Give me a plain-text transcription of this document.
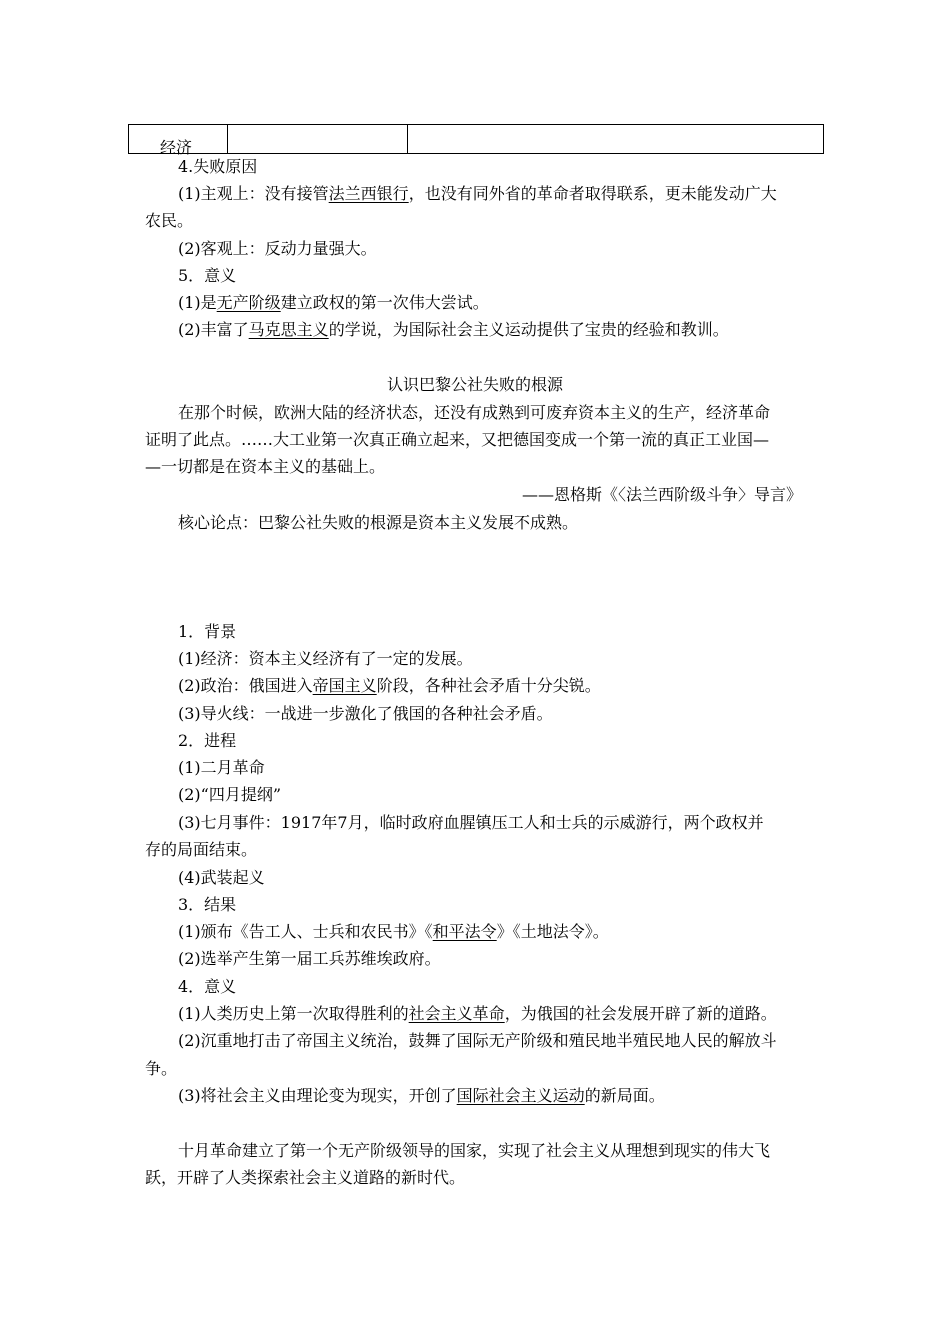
经济
4.失败原因
(1)主观上：没有接管法兰西银行，也没有同外省的革命者取得联系，更未能发动广大
农民。
(2)客观上：反动力量强大。
5．意义
(1)是无产阶级建立政权的第一次伟大尝试。
(2)丰富了马克思主义的学说，为国际社会主义运动提供了宝贵的经验和教训。
认识巴黎公社失败的根源
在那个时候，欧洲大陆的经济状态，还没有成熟到可废弃资本主义的生产，经济革命
证明了此点。……大工业第一次真正确立起来，又把德国变成一个第一流的真正工业国—
—一切都是在资本主义的基础上。
——恩格斯《〈法兰西阶级斗争〉导言》
核心论点：巴黎公社失败的根源是资本主义发展不成熟。
1．背景
(1)经济：资本主义经济有了一定的发展。
(2)政治：俄国进入帝国主义阶段，各种社会矛盾十分尖锐。
(3)导火线：一战进一步激化了俄国的各种社会矛盾。
2．进程
(1)二月革命
(2)“四月提纲”
(3)七月事件：1917年7月，临时政府血腥镇压工人和士兵的示威游行，两个政权并
存的局面结束。
(4)武装起义
3．结果
(1)颁布《告工人、士兵和农民书》《和平法令》《土地法令》。
(2)选举产生第一届工兵苏维埃政府。
4．意义
(1)人类历史上第一次取得胜利的社会主义革命，为俄国的社会发展开辟了新的道路。
(2)沉重地打击了帝国主义统治，鼓舞了国际无产阶级和殖民地半殖民地人民的解放斗
争。
(3)将社会主义由理论变为现实，开创了国际社会主义运动的新局面。
十月革命建立了第一个无产阶级领导的国家，实现了社会主义从理想到现实的伟大飞
跃，开辟了人类探索社会主义道路的新时代。
